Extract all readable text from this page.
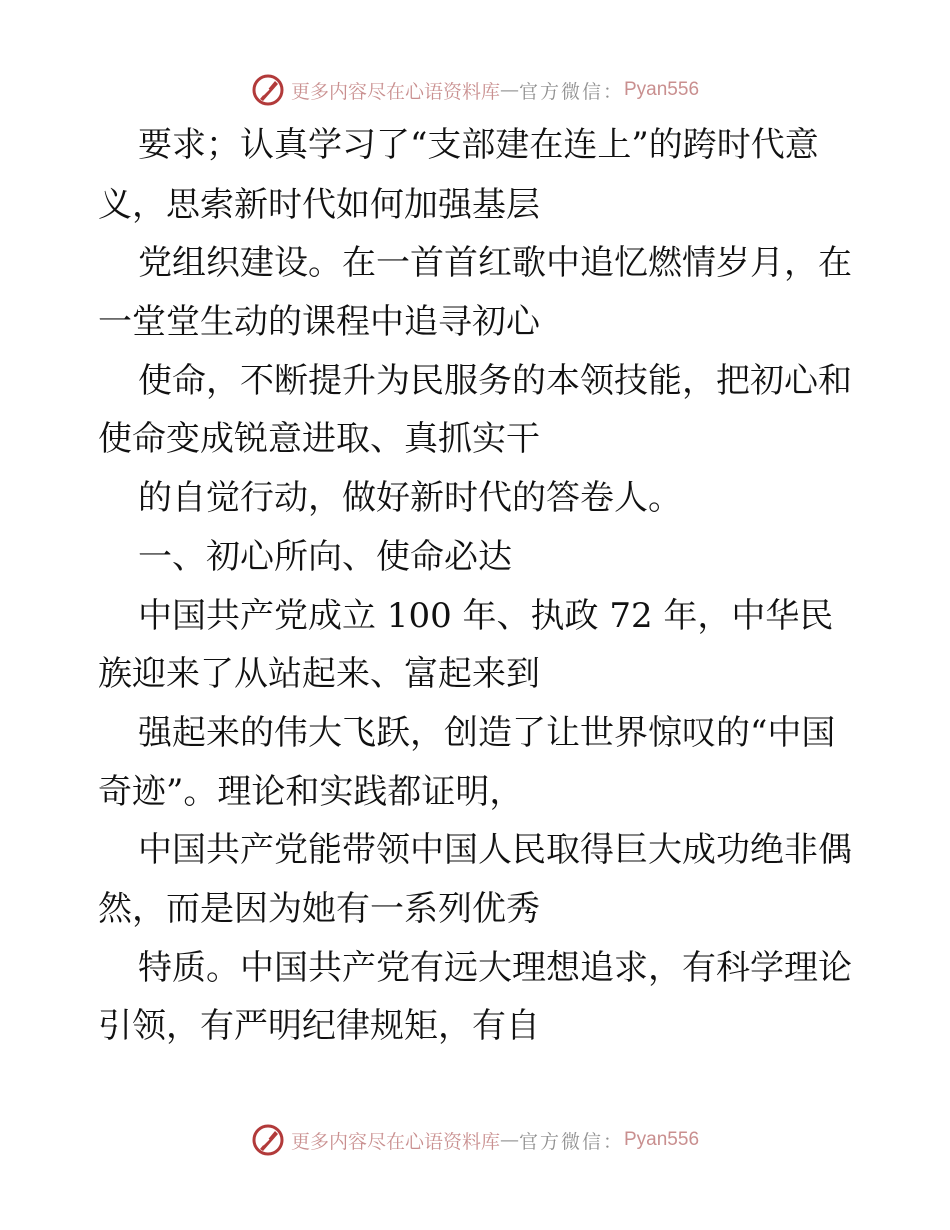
更多内容尽在心语资料库 — 官方微信： Pyan556
要求；认真学习了“支部建在连上”的跨时代意
义，思索新时代如何加强基层
党组织建设。在一首首红歌中追忆燃情岁月，在
一堂堂生动的课程中追寻初心
使命，不断提升为民服务的本领技能，把初心和
使命变成锐意进取、真抓实干
的自觉行动，做好新时代的答卷人。
一、初心所向、使命必达
中国共产党成立 100 年、执政 72 年，中华民
族迎来了从站起来、富起来到
强起来的伟大飞跃，创造了让世界惊叹的“中国
奇迹”。理论和实践都证明，
中国共产党能带领中国人民取得巨大成功绝非偶
然，而是因为她有一系列优秀
特质。中国共产党有远大理想追求，有科学理论
引领，有严明纪律规矩，有自
更多内容尽在心语资料库 — 官方微信： Pyan556
